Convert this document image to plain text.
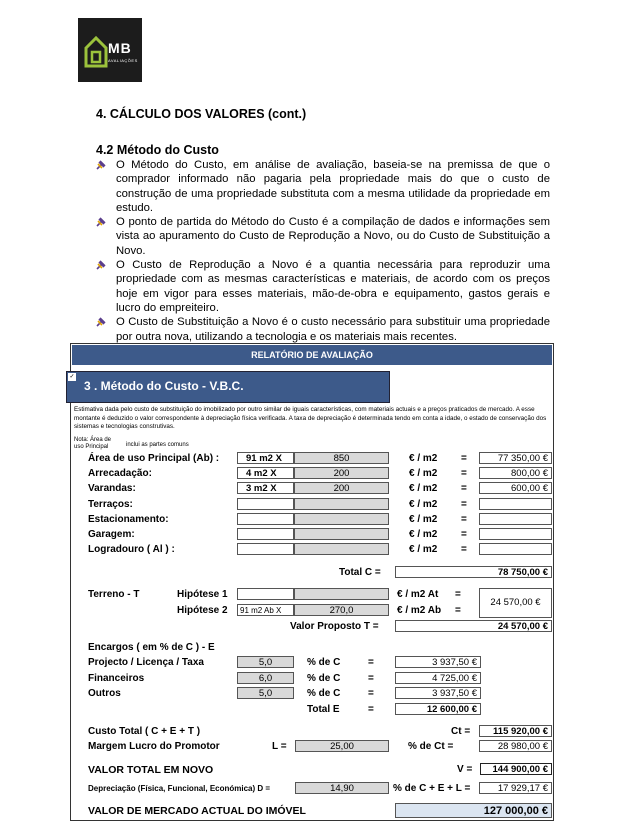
MB
AVALIAÇÕES
4. CÁLCULO DOS VALORES (cont.)
4.2 Método do Custo
O Método do Custo, em análise de avaliação, baseia-se na premissa de que o comprador informado não pagaria pela propriedade mais do que o custo de construção de uma propriedade substituta com a mesma utilidade da propriedade em estudo.
O ponto de partida do Método do Custo é a compilação de dados e informações sem vista ao apuramento do Custo de Reprodução a Novo, ou do Custo de Substituição a Novo.
O Custo de Reprodução a Novo é a quantia necessária para reproduzir uma propriedade com as mesmas características e materiais, de acordo com os preços hoje em vigor para esses materiais, mão-de-obra e equipamento, gastos gerais e lucro do empreiteiro.
O Custo de Substituição a Novo é o custo necessário para substituir uma propriedade por outra nova, utilizando a tecnologia e os materiais mais recentes.
RELATÓRIO DE AVALIAÇÃO
✓
3 . Método do Custo - V.B.C.
Estimativa dada pelo custo de substituição do imobilizado por outro similar de iguais características, com materiais actuais e a preços praticados de mercado. A esse montante é deduzido o valor correspondente à depreciação física verificada. A taxa de depreciação é determinada tendo em conta a idade, o estado de conservação dos sistemas e tecnologias construtivas.
Nota: Área de uso Principal	inclui as partes comuns
Área de uso Principal (Ab) :	91 m2 X	850	€ / m2 =	77 350,00 €
Arrecadação:	4 m2 X	200	€ / m2 =	800,00 €
Varandas:	3 m2 X	200	€ / m2 =	600,00 €
Terraços:	€ / m2 =
Estacionamento:	€ / m2 =
Garagem:	€ / m2 =
Logradouro ( Al ) :	€ / m2 =
Total C =	78 750,00 €
Terreno - T	Hipótese 1	€ / m2 At =
Hipótese 2	91 m2 Ab X	270,0	€ / m2 Ab =
24 570,00 €
Valor Proposto T =	24 570,00 €
Encargos ( em % de C ) - E
Projecto / Licença / Taxa	5,0	% de C	=	3 937,50 €
Financeiros	6,0	% de C	=	4 725,00 €
Outros	5,0	% de C	=	3 937,50 €
Total E	=	12 600,00 €
Custo Total ( C + E + T )	Ct =	115 920,00 €
Margem Lucro do Promotor	L =	25,00	% de Ct =	28 980,00 €
VALOR TOTAL EM NOVO	V =	144 900,00 €
Depreciação (Física, Funcional, Económica) D =	14,90	% de C + E + L =	17 929,17 €
VALOR DE MERCADO ACTUAL DO IMÓVEL	127 000,00 €
